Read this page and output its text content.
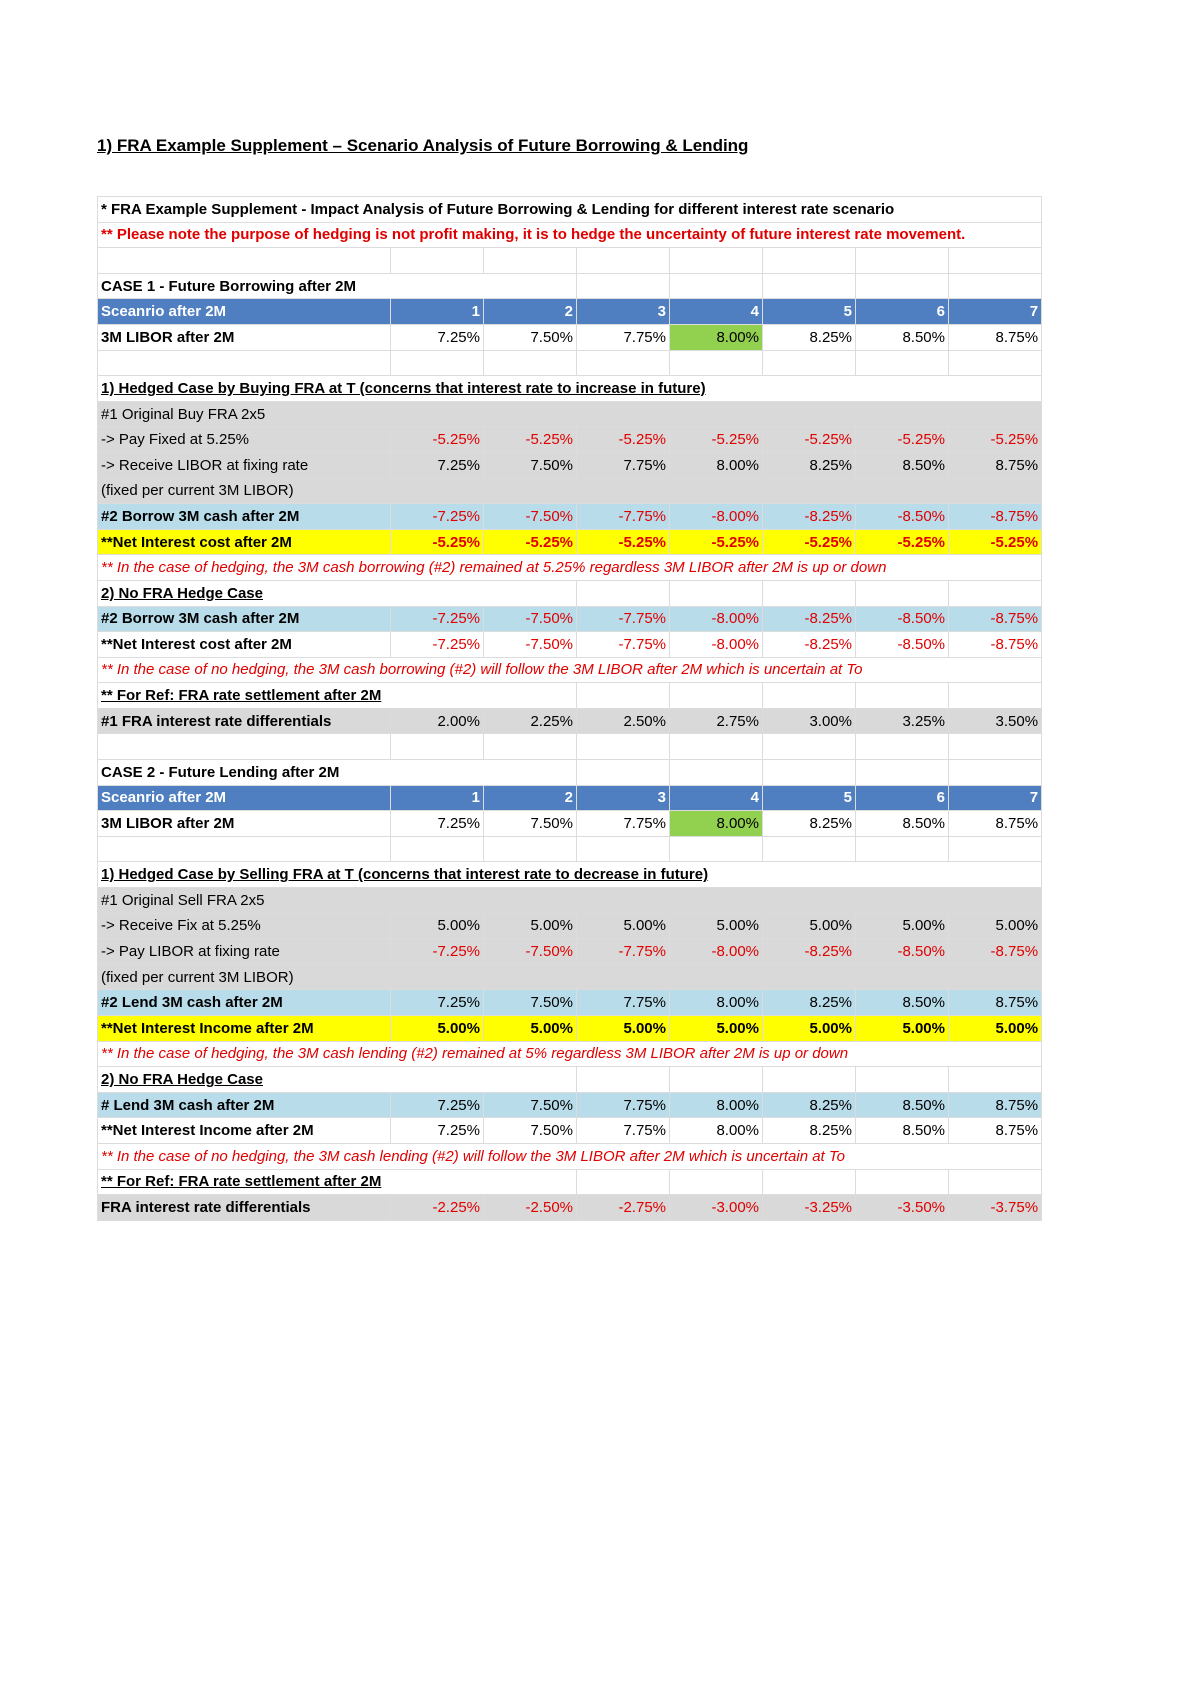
1) FRA Example Supplement – Scenario Analysis of Future Borrowing & Lending
* FRA Example Supplement - Impact Analysis of Future Borrowing & Lending for different interest rate scenario							
** Please note the purpose of hedging is not profit making, it is to hedge the uncertainty of future interest rate movement.							

CASE 1 - Future Borrowing after 2M							
Sceanrio after 2M	1	2	3	4	5	6	7
3M LIBOR after 2M	7.25%	7.50%	7.75%	8.00%	8.25%	8.50%	8.75%

1) Hedged Case by Buying FRA at T (concerns that interest rate to increase in future)							
#1 Original Buy FRA 2x5							
-> Pay Fixed at 5.25%	-5.25%	-5.25%	-5.25%	-5.25%	-5.25%	-5.25%	-5.25%
-> Receive LIBOR at fixing rate	7.25%	7.50%	7.75%	8.00%	8.25%	8.50%	8.75%
(fixed per current 3M LIBOR)							
#2 Borrow 3M cash after 2M	-7.25%	-7.50%	-7.75%	-8.00%	-8.25%	-8.50%	-8.75%
**Net Interest cost after 2M	-5.25%	-5.25%	-5.25%	-5.25%	-5.25%	-5.25%	-5.25%
** In the case of hedging, the 3M cash borrowing (#2) remained at 5.25% regardless 3M LIBOR after 2M is up or down							
2) No FRA Hedge Case							
#2 Borrow 3M cash after 2M	-7.25%	-7.50%	-7.75%	-8.00%	-8.25%	-8.50%	-8.75%
**Net Interest cost after 2M	-7.25%	-7.50%	-7.75%	-8.00%	-8.25%	-8.50%	-8.75%
** In the case of no hedging, the 3M cash borrowing (#2) will follow the 3M LIBOR after 2M which is uncertain at To							
** For Ref: FRA rate settlement after 2M							
#1 FRA interest rate differentials	2.00%	2.25%	2.50%	2.75%	3.00%	3.25%	3.50%

CASE 2 - Future Lending after 2M							
Sceanrio after 2M	1	2	3	4	5	6	7
3M LIBOR after 2M	7.25%	7.50%	7.75%	8.00%	8.25%	8.50%	8.75%

1) Hedged Case by Selling FRA at T (concerns that interest rate to decrease in future)							
#1 Original Sell FRA 2x5							
-> Receive Fix at 5.25%	5.00%	5.00%	5.00%	5.00%	5.00%	5.00%	5.00%
-> Pay LIBOR at fixing rate	-7.25%	-7.50%	-7.75%	-8.00%	-8.25%	-8.50%	-8.75%
(fixed per current 3M LIBOR)							
#2 Lend 3M cash after 2M	7.25%	7.50%	7.75%	8.00%	8.25%	8.50%	8.75%
**Net Interest Income after 2M	5.00%	5.00%	5.00%	5.00%	5.00%	5.00%	5.00%
** In the case of hedging, the 3M cash lending (#2) remained at 5% regardless 3M LIBOR after 2M is up or down							
2) No FRA Hedge Case							
# Lend 3M cash after 2M	7.25%	7.50%	7.75%	8.00%	8.25%	8.50%	8.75%
**Net Interest Income after 2M	7.25%	7.50%	7.75%	8.00%	8.25%	8.50%	8.75%
** In the case of no hedging, the 3M cash lending (#2) will follow the 3M LIBOR after 2M which is uncertain at To							
** For Ref: FRA rate settlement after 2M							
FRA interest rate differentials	-2.25%	-2.50%	-2.75%	-3.00%	-3.25%	-3.50%	-3.75%
